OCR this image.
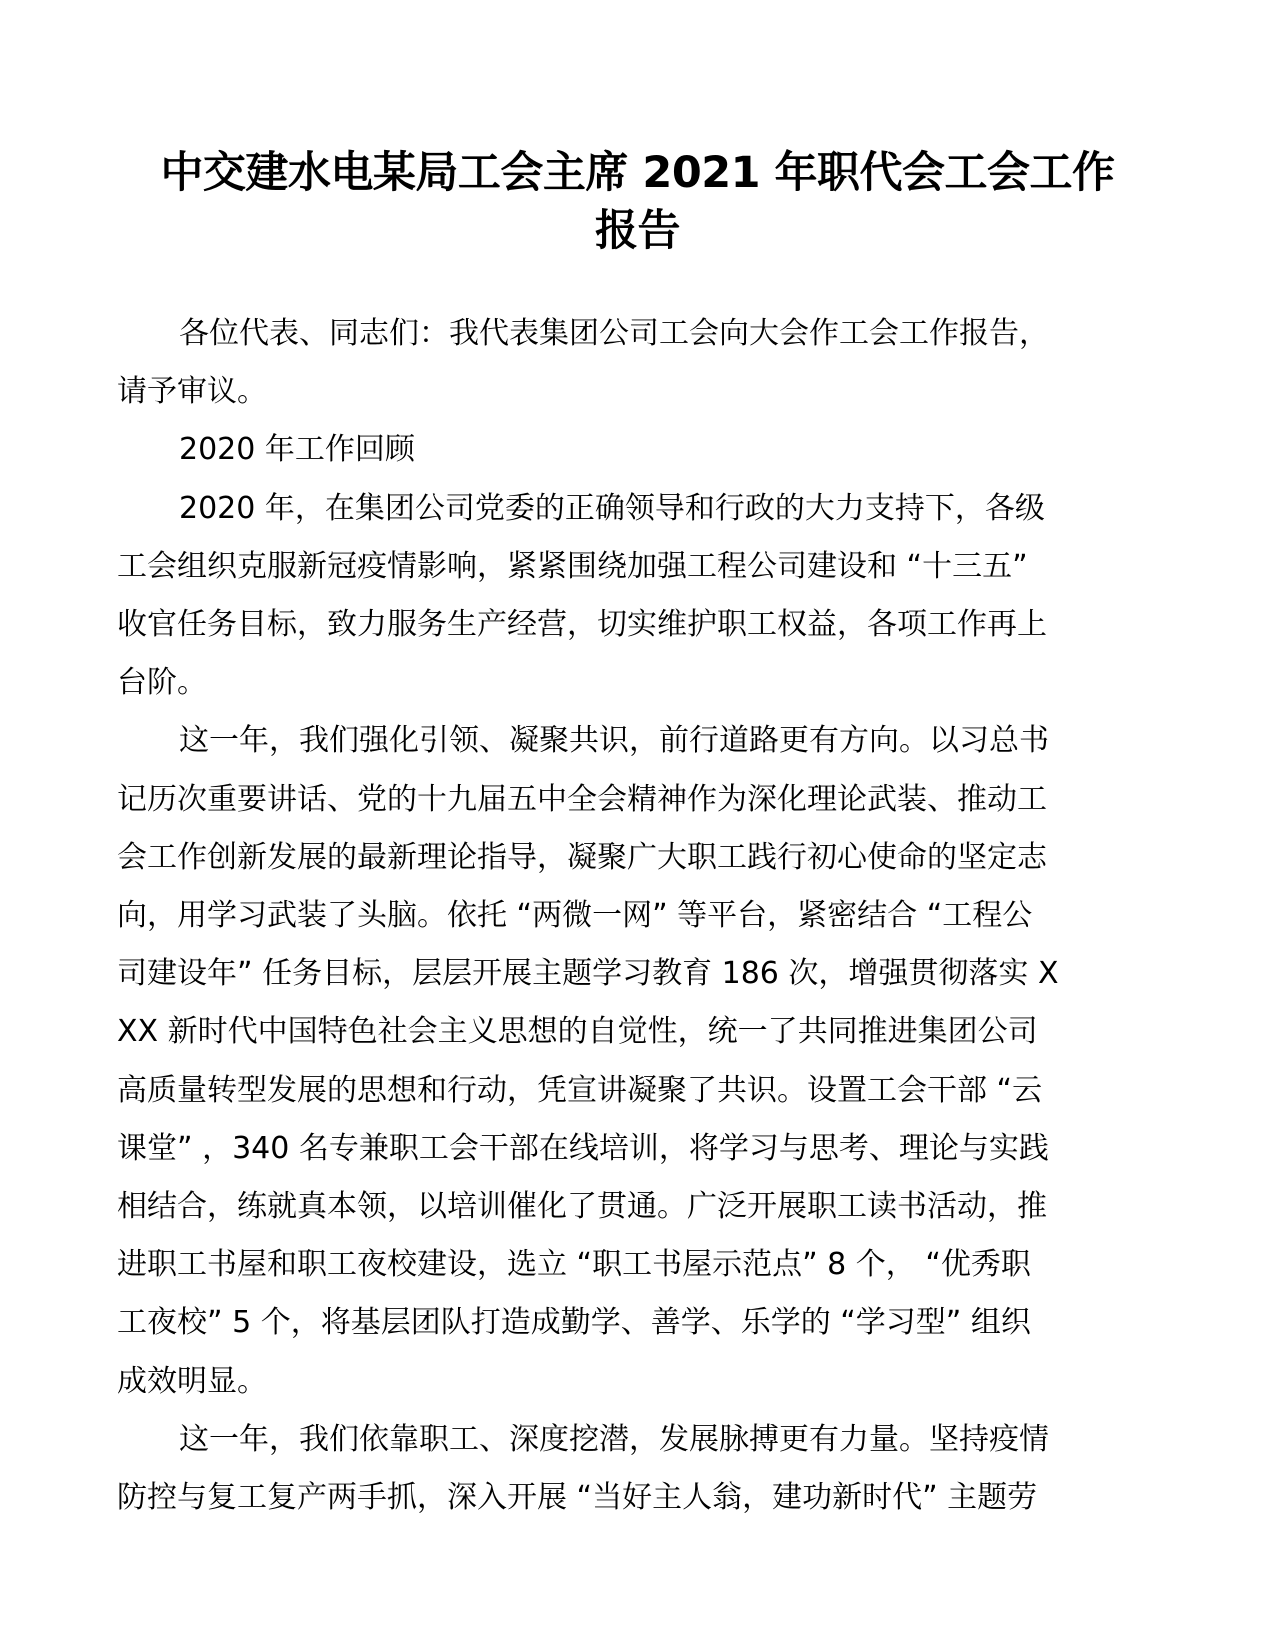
中交建水电某局工会主席 2021 年职代会工会工作
报告

各位代表、同志们：我代表集团公司工会向大会作工会工作报告，
请予审议。

2020 年工作回顾

2020 年，在集团公司党委的正确领导和行政的大力支持下，各级
工会组织克服新冠疫情影响，紧紧围绕加强工程公司建设和 “十三五”
收官任务目标，致力服务生产经营，切实维护职工权益，各项工作再上
台阶。

这一年，我们强化引领、凝聚共识，前行道路更有方向。以习总书
记历次重要讲话、党的十九届五中全会精神作为深化理论武装、推动工
会工作创新发展的最新理论指导，凝聚广大职工践行初心使命的坚定志
向，用学习武装了头脑。依托 “两微一网” 等平台，紧密结合 “工程公
司建设年” 任务目标，层层开展主题学习教育 186 次，增强贯彻落实 X
XX 新时代中国特色社会主义思想的自觉性，统一了共同推进集团公司
高质量转型发展的思想和行动，凭宣讲凝聚了共识。设置工会干部 “云
课堂” ，340 名专兼职工会干部在线培训，将学习与思考、理论与实践
相结合，练就真本领，以培训催化了贯通。广泛开展职工读书活动，推
进职工书屋和职工夜校建设，选立 “职工书屋示范点” 8 个， “优秀职
工夜校” 5 个，将基层团队打造成勤学、善学、乐学的 “学习型” 组织
成效明显。

这一年，我们依靠职工、深度挖潜，发展脉搏更有力量。坚持疫情
防控与复工复产两手抓，深入开展 “当好主人翁，建功新时代” 主题劳
